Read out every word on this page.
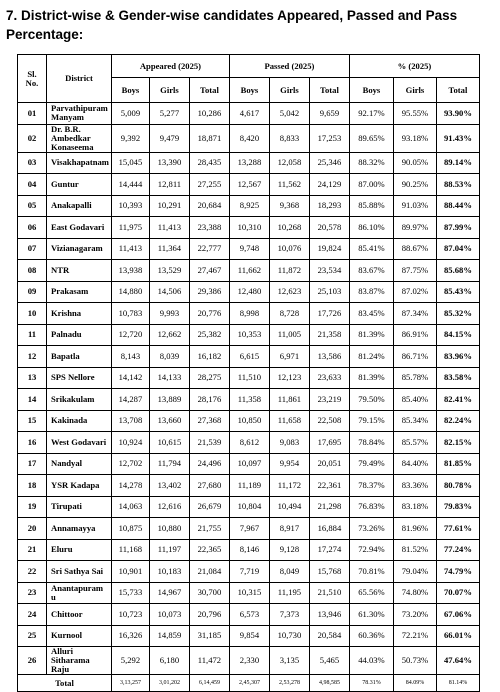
7. District-wise & Gender-wise candidates Appeared, Passed and Pass Percentage:
Sl. No.	District	Appeared (2025)			Passed (2025)			% (2025)		
		Boys	Girls	Total	Boys	Girls	Total	Boys	Girls	Total
01	Parvathipuram Manyam	5,009	5,277	10,286	4,617	5,042	9,659	92.17%	95.55%	93.90%
02	Dr. B.R. Ambedkar Konaseema	9,392	9,479	18,871	8,420	8,833	17,253	89.65%	93.18%	91.43%
03	Visakhapatnam	15,045	13,390	28,435	13,288	12,058	25,346	88.32%	90.05%	89.14%
04	Guntur	14,444	12,811	27,255	12,567	11,562	24,129	87.00%	90.25%	88.53%
05	Anakapalli	10,393	10,291	20,684	8,925	9,368	18,293	85.88%	91.03%	88.44%
06	East Godavari	11,975	11,413	23,388	10,310	10,268	20,578	86.10%	89.97%	87.99%
07	Vizianagaram	11,413	11,364	22,777	9,748	10,076	19,824	85.41%	88.67%	87.04%
08	NTR	13,938	13,529	27,467	11,662	11,872	23,534	83.67%	87.75%	85.68%
09	Prakasam	14,880	14,506	29,386	12,480	12,623	25,103	83.87%	87.02%	85.43%
10	Krishna	10,783	9,993	20,776	8,998	8,728	17,726	83.45%	87.34%	85.32%
11	Palnadu	12,720	12,662	25,382	10,353	11,005	21,358	81.39%	86.91%	84.15%
12	Bapatla	8,143	8,039	16,182	6,615	6,971	13,586	81.24%	86.71%	83.96%
13	SPS Nellore	14,142	14,133	28,275	11,510	12,123	23,633	81.39%	85.78%	83.58%
14	Srikakulam	14,287	13,889	28,176	11,358	11,861	23,219	79.50%	85.40%	82.41%
15	Kakinada	13,708	13,660	27,368	10,850	11,658	22,508	79.15%	85.34%	82.24%
16	West Godavari	10,924	10,615	21,539	8,612	9,083	17,695	78.84%	85.57%	82.15%
17	Nandyal	12,702	11,794	24,496	10,097	9,954	20,051	79.49%	84.40%	81.85%
18	YSR Kadapa	14,278	13,402	27,680	11,189	11,172	22,361	78.37%	83.36%	80.78%
19	Tirupati	14,063	12,616	26,679	10,804	10,494	21,298	76.83%	83.18%	79.83%
20	Annamayya	10,875	10,880	21,755	7,967	8,917	16,884	73.26%	81.96%	77.61%
21	Eluru	11,168	11,197	22,365	8,146	9,128	17,274	72.94%	81.52%	77.24%
22	Sri Sathya Sai	10,901	10,183	21,084	7,719	8,049	15,768	70.81%	79.04%	74.79%
23	Anantapuram u	15,733	14,967	30,700	10,315	11,195	21,510	65.56%	74.80%	70.07%
24	Chittoor	10,723	10,073	20,796	6,573	7,373	13,946	61.30%	73.20%	67.06%
25	Kurnool	16,326	14,859	31,185	9,854	10,730	20,584	60.36%	72.21%	66.01%
26	Alluri Sitharama Raju	5,292	6,180	11,472	2,330	3,135	5,465	44.03%	50.73%	47.64%
Total		3,13,257	3,01,202	6,14,459	2,45,307	2,53,278	4,98,585	78.31%	84.09%	81.14%
